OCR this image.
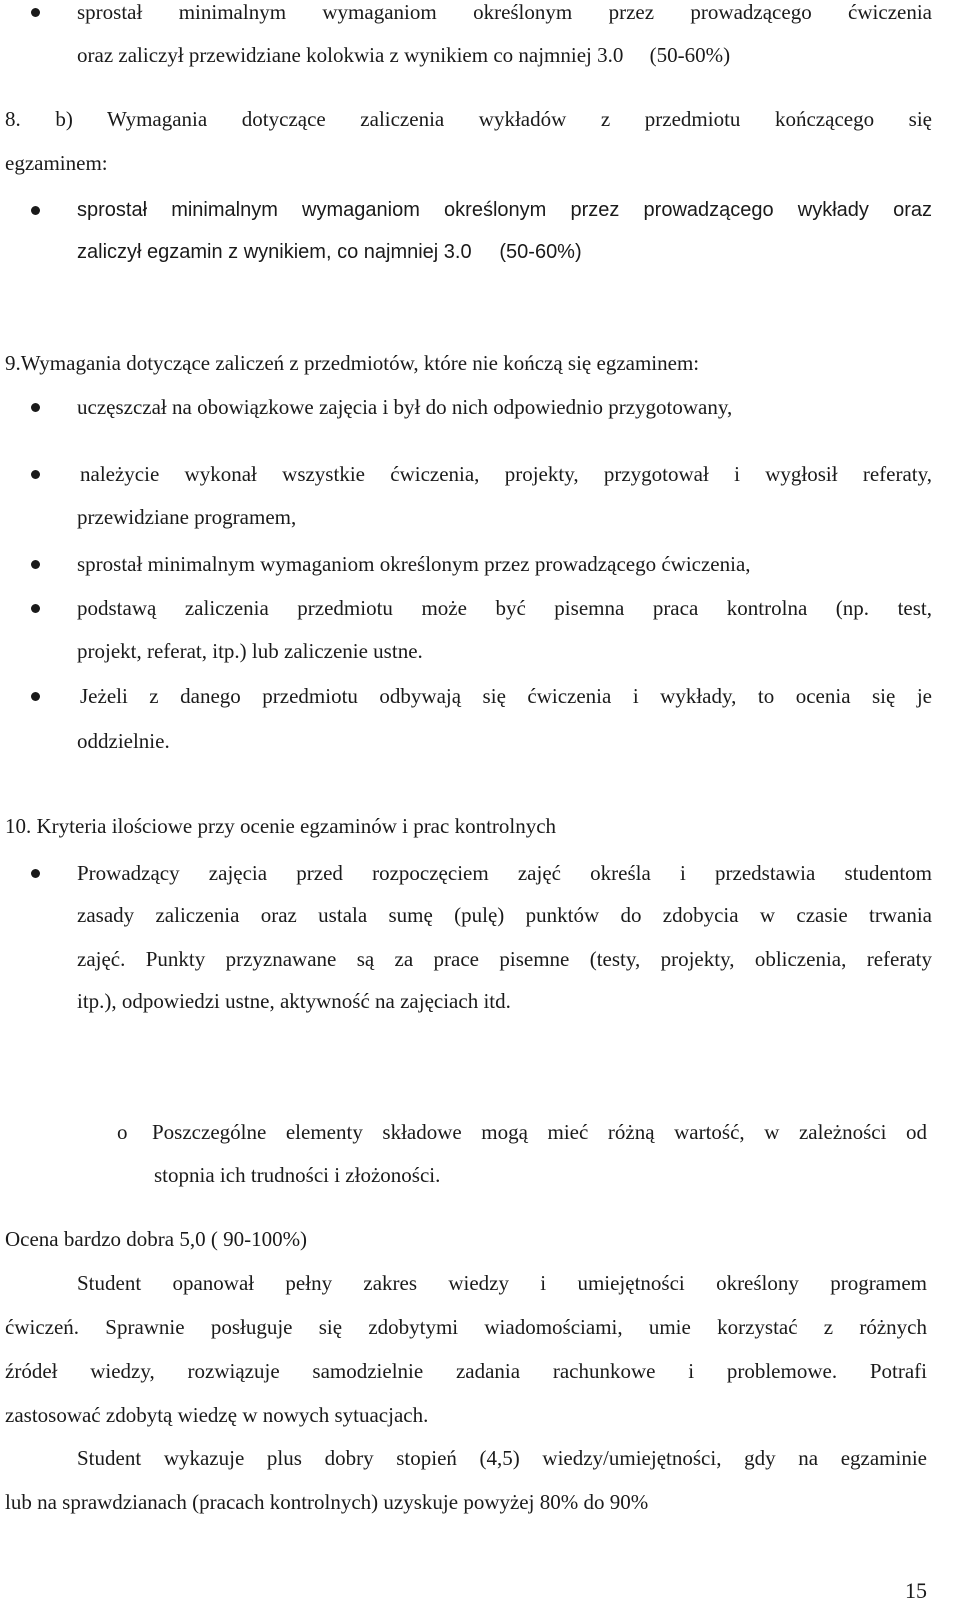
sprostał minimalnym wymaganiom określonym przez prowadzącego ćwiczenia
oraz zaliczył przewidziane kolokwia z wynikiem co najmniej 3.0     (50-60%)
8. b) Wymagania dotyczące zaliczenia wykładów z przedmiotu kończącego się
egzaminem:
sprostał minimalnym wymaganiom określonym przez prowadzącego wykłady oraz
zaliczył egzamin z wynikiem, co najmniej 3.0     (50-60%)
9.Wymagania dotyczące zaliczeń z przedmiotów, które nie kończą się egzaminem:
uczęszczał na obowiązkowe zajęcia i był do nich odpowiednio przygotowany,
należycie wykonał wszystkie ćwiczenia, projekty, przygotował i wygłosił referaty,
przewidziane programem,
sprostał minimalnym wymaganiom określonym przez prowadzącego ćwiczenia,
podstawą zaliczenia przedmiotu może być pisemna praca kontrolna (np. test,
projekt, referat, itp.) lub zaliczenie ustne.
Jeżeli z danego przedmiotu odbywają się ćwiczenia i wykłady, to ocenia się je
oddzielnie.
10. Kryteria ilościowe przy ocenie egzaminów i prac kontrolnych
Prowadzący zajęcia przed rozpoczęciem zajęć określa i przedstawia studentom
zasady zaliczenia oraz ustala sumę (pulę) punktów do zdobycia w czasie trwania
zajęć. Punkty przyznawane są za prace pisemne (testy, projekty, obliczenia, referaty
itp.), odpowiedzi ustne, aktywność na zajęciach itd.
o Poszczególne elementy składowe mogą mieć różną wartość, w zależności od
stopnia ich trudności i złożoności.
Ocena bardzo dobra 5,0 ( 90-100%)
Student opanował pełny zakres wiedzy i umiejętności określony programem
ćwiczeń. Sprawnie posługuje się zdobytymi wiadomościami, umie korzystać z różnych
źródeł wiedzy, rozwiązuje samodzielnie zadania rachunkowe i problemowe. Potrafi
zastosować zdobytą wiedzę w nowych sytuacjach.
Student wykazuje plus dobry stopień (4,5) wiedzy/umiejętności, gdy na egzaminie
lub na sprawdzianach (pracach kontrolnych) uzyskuje powyżej 80% do 90%
15
